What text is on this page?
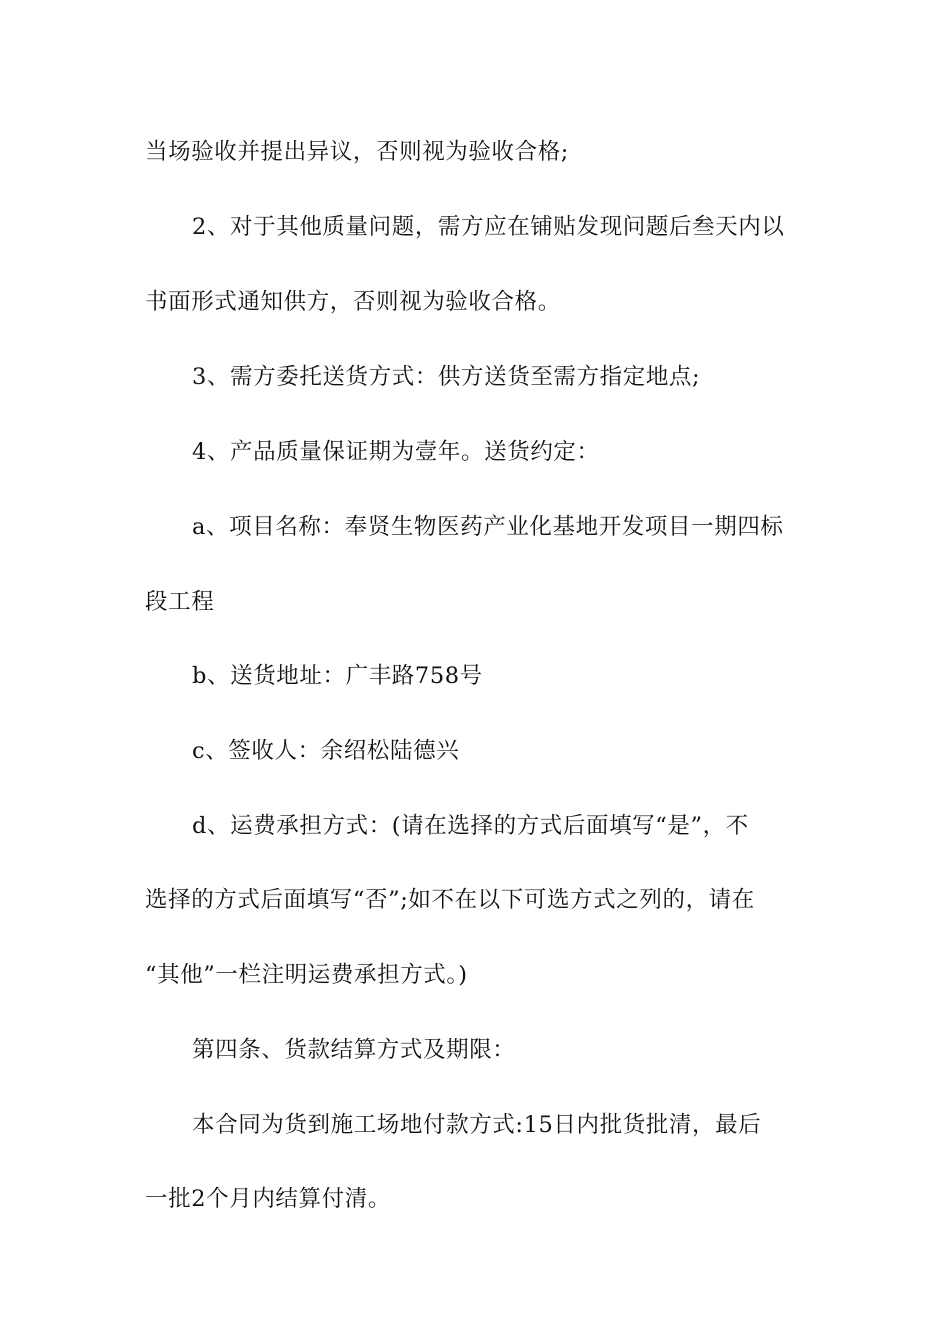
当场验收并提出异议，否则视为验收合格;
2、对于其他质量问题，需方应在铺贴发现问题后叁天内以
书面形式通知供方，否则视为验收合格。
3、需方委托送货方式：供方送货至需方指定地点;
4、产品质量保证期为壹年。送货约定：
a、项目名称：奉贤生物医药产业化基地开发项目一期四标
段工程
b、送货地址：广丰路758号
c、签收人：余绍松陆德兴
d、运费承担方式：(请在选择的方式后面填写“是”，不
选择的方式后面填写“否”;如不在以下可选方式之列的，请在
“其他”一栏注明运费承担方式。)
第四条、货款结算方式及期限：
本合同为货到施工场地付款方式:15日内批货批清，最后
一批2个月内结算付清。
